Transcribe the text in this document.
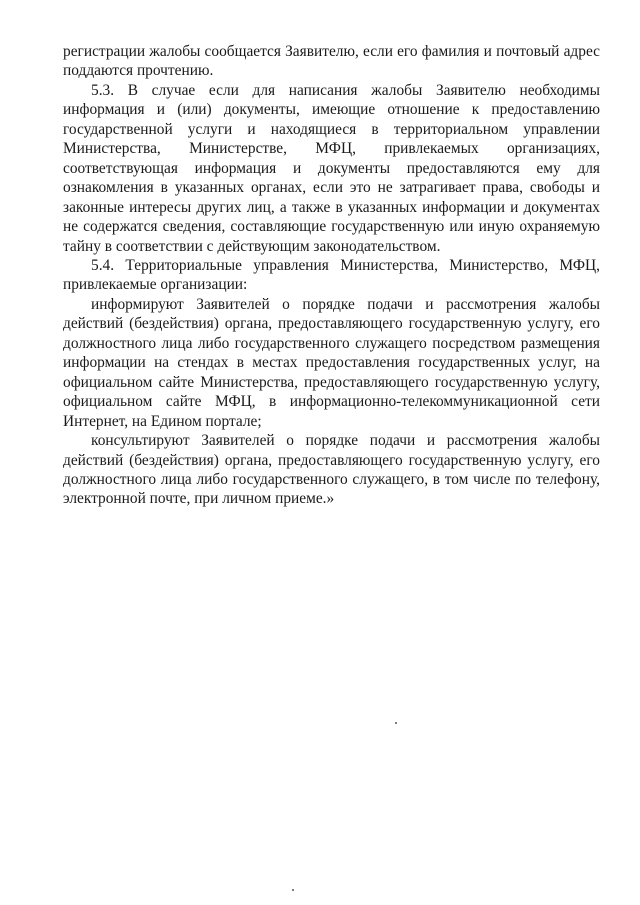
регистрации жалобы сообщается Заявителю, если его фамилия и почтовый адрес поддаются прочтению.

5.3. В случае если для написания жалобы Заявителю необходимы информация и (или) документы, имеющие отношение к предоставлению государственной услуги и находящиеся в территориальном управлении Министерства, Министерстве, МФЦ, привлекаемых организациях, соответствующая информация и документы предоставляются ему для ознакомления в указанных органах, если это не затрагивает права, свободы и законные интересы других лиц, а также в указанных информации и документах не содержатся сведения, составляющие государственную или иную охраняемую тайну в соответствии с действующим законодательством.

5.4. Территориальные управления Министерства, Министерство, МФЦ, привлекаемые организации:

информируют Заявителей о порядке подачи и рассмотрения жалобы действий (бездействия) органа, предоставляющего государственную услугу, его должностного лица либо государственного служащего посредством размещения информации на стендах в местах предоставления государственных услуг, на официальном сайте Министерства, предоставляющего государственную услугу, официальном сайте МФЦ, в информационно-телекоммуникационной сети Интернет, на Едином портале;

консультируют Заявителей о порядке подачи и рассмотрения жалобы действий (бездействия) органа, предоставляющего государственную услугу, его должностного лица либо государственного служащего, в том числе по телефону, электронной почте, при личном приеме.»
